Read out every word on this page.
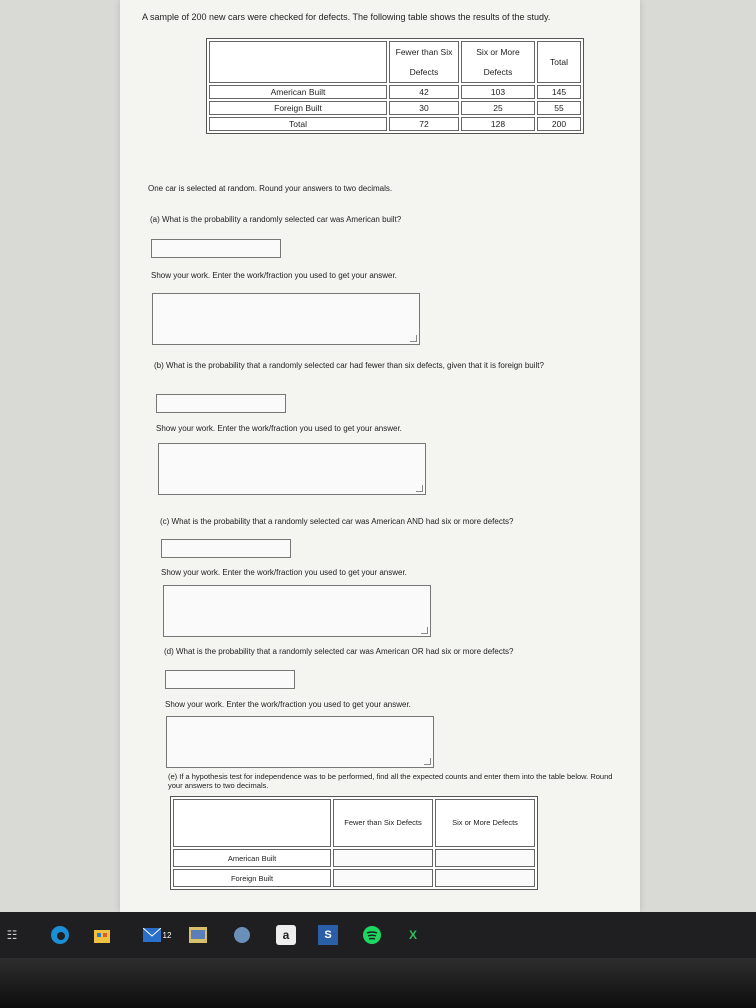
A sample of 200 new cars were checked for defects. The following table shows the results of the study.
	Fewer than Six Defects	Six or More Defects	Total
American Built	42	103	145
Foreign Built	30	25	55
Total	72	128	200
One car is selected at random. Round your answers to two decimals.
(a) What is the probability a randomly selected car was American built?
Show your work. Enter the work/fraction you used to get your answer.
(b) What is the probability that a randomly selected car had fewer than six defects, given that it is foreign built?
Show your work. Enter the work/fraction you used to get your answer.
(c) What is the probability that a randomly selected car was American AND had six or more defects?
Show your work. Enter the work/fraction you used to get your answer.
(d) What is the probability that a randomly selected car was American OR had six or more defects?
Show your work. Enter the work/fraction you used to get your answer.
(e) If a hypothesis test for independence was to be performed, find all the expected counts and enter them into the table below. Round your answers to two decimals.
	Fewer than Six Defects	Six or More Defects
American Built	

Foreign Built	

☷	12	a	S	X
